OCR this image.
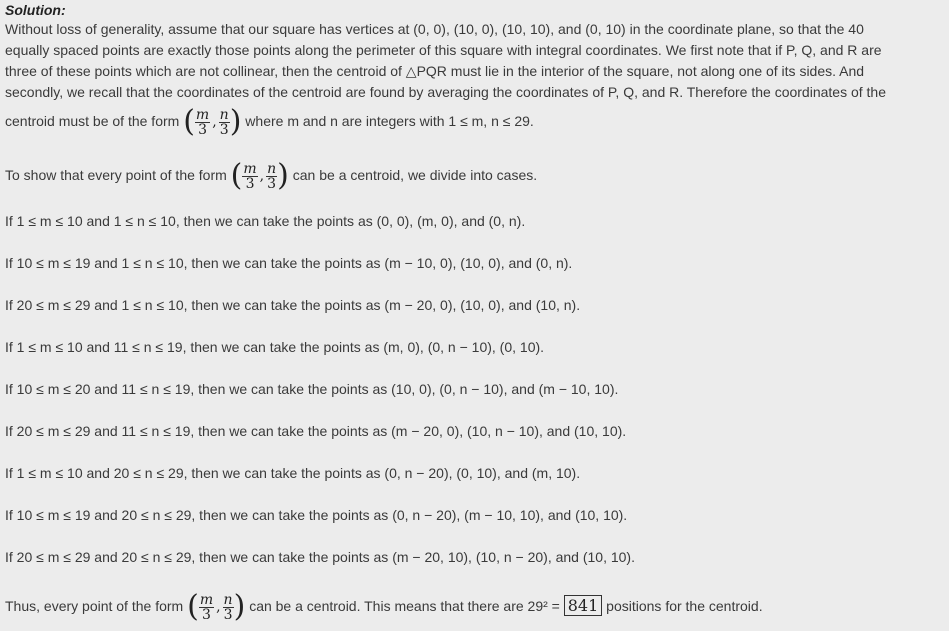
Solution:
Without loss of generality, assume that our square has vertices at (0, 0), (10, 0), (10, 10), and (0, 10) in the coordinate plane, so that the 40
equally spaced points are exactly those points along the perimeter of this square with integral coordinates. We first note that if P, Q, and R are
three of these points which are not collinear, then the centroid of △PQR must lie in the interior of the square, not along one of its sides. And
secondly, we recall that the coordinates of the centroid are found by averaging the coordinates of P, Q, and R. Therefore the coordinates of the
centroid must be of the form ( $\frac{m}{3}$ , $\frac{n}{3}$ ) where m and n are integers with 1 ≤ m, n ≤ 29.
To show that every point of the form ( $\frac{m}{3}$ , $\frac{n}{3}$ ) can be a centroid, we divide into cases.
If 1 ≤ m ≤ 10 and 1 ≤ n ≤ 10, then we can take the points as (0, 0), (m, 0), and (0, n).
If 10 ≤ m ≤ 19 and 1 ≤ n ≤ 10, then we can take the points as (m − 10, 0), (10, 0), and (0, n).
If 20 ≤ m ≤ 29 and 1 ≤ n ≤ 10, then we can take the points as (m − 20, 0), (10, 0), and (10, n).
If 1 ≤ m ≤ 10 and 11 ≤ n ≤ 19, then we can take the points as (m, 0), (0, n − 10), (0, 10).
If 10 ≤ m ≤ 20 and 11 ≤ n ≤ 19, then we can take the points as (10, 0), (0, n − 10), and (m − 10, 10).
If 20 ≤ m ≤ 29 and 11 ≤ n ≤ 19, then we can take the points as (m − 20, 0), (10, n − 10), and (10, 10).
If 1 ≤ m ≤ 10 and 20 ≤ n ≤ 29, then we can take the points as (0, n − 20), (0, 10), and (m, 10).
If 10 ≤ m ≤ 19 and 20 ≤ n ≤ 29, then we can take the points as (0, n − 20), (m − 10, 10), and (10, 10).
If 20 ≤ m ≤ 29 and 20 ≤ n ≤ 29, then we can take the points as (m − 20, 10), (10, n − 20), and (10, 10).
Thus, every point of the form ( $\frac{m}{3}$ , $\frac{n}{3}$ ) can be a centroid. This means that there are 29² = 841 positions for the centroid.
